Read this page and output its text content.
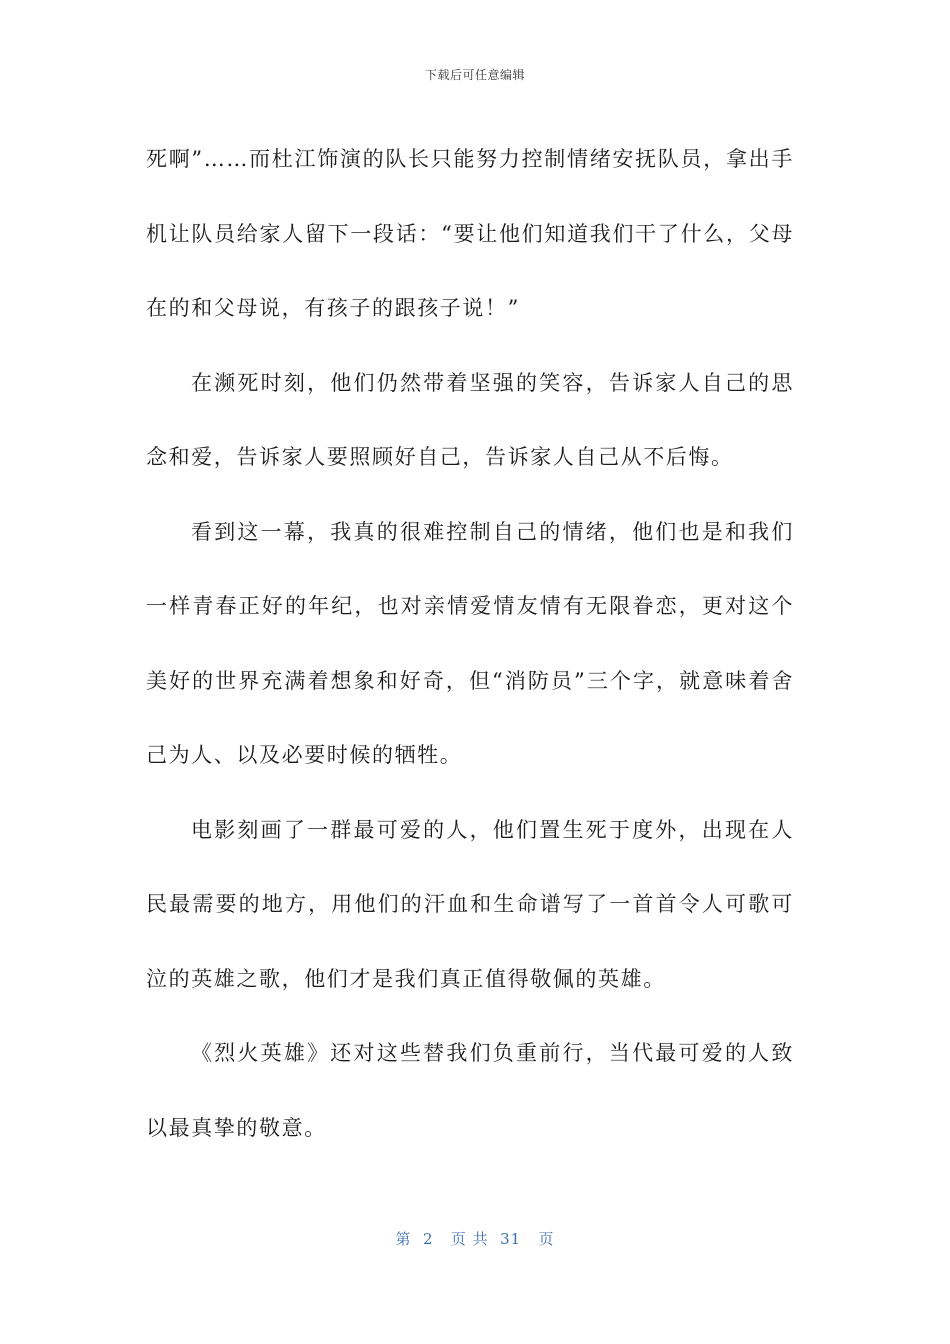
下载后可任意编辑

死啊”……而杜江饰演的队长只能努力控制情绪安抚队员，拿出手机让队员给家人留下一段话：“要让他们知道我们干了什么，父母在的和父母说，有孩子的跟孩子说！”

在濒死时刻，他们仍然带着坚强的笑容，告诉家人自己的思念和爱，告诉家人要照顾好自己，告诉家人自己从不后悔。

看到这一幕，我真的很难控制自己的情绪，他们也是和我们一样青春正好的年纪，也对亲情爱情友情有无限眷恋，更对这个美好的世界充满着想象和好奇，但“消防员”三个字，就意味着舍己为人、以及必要时候的牺牲。

电影刻画了一群最可爱的人，他们置生死于度外，出现在人民最需要的地方，用他们的汗血和生命谱写了一首首令人可歌可泣的英雄之歌，他们才是我们真正值得敬佩的英雄。

《烈火英雄》还对这些替我们负重前行，当代最可爱的人致以最真挚的敬意。

第  2   页 共  31   页
